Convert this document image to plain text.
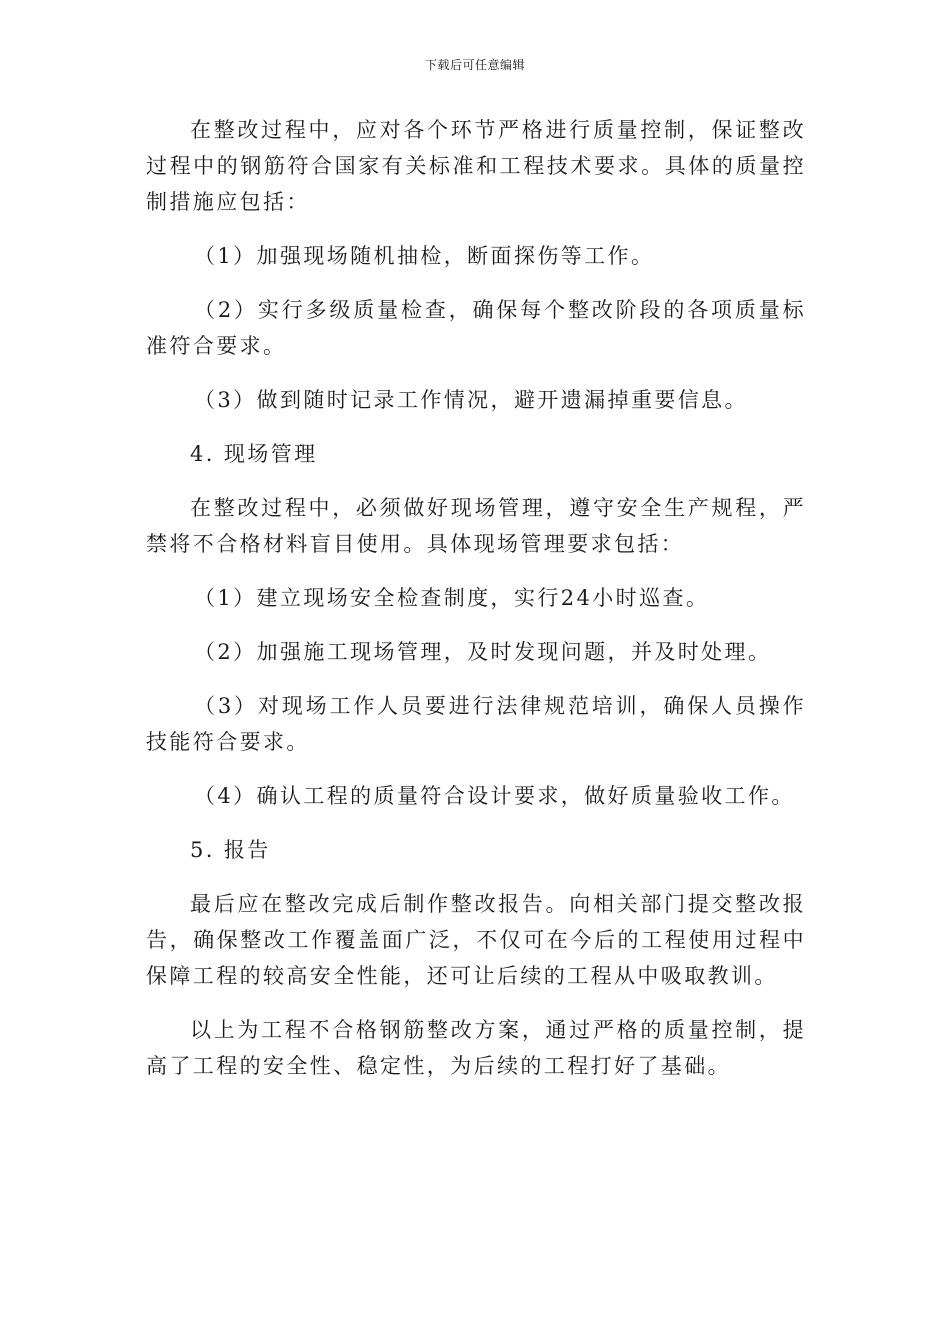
下载后可任意编辑

在整改过程中，应对各个环节严格进行质量控制，保证整改过程中的钢筋符合国家有关标准和工程技术要求。具体的质量控制措施应包括：

（1）加强现场随机抽检，断面探伤等工作。

（2）实行多级质量检查，确保每个整改阶段的各项质量标准符合要求。

（3）做到随时记录工作情况，避开遗漏掉重要信息。

4. 现场管理

在整改过程中，必须做好现场管理，遵守安全生产规程，严禁将不合格材料盲目使用。具体现场管理要求包括：

（1）建立现场安全检查制度，实行24小时巡查。

（2）加强施工现场管理，及时发现问题，并及时处理。

（3）对现场工作人员要进行法律规范培训，确保人员操作技能符合要求。

（4）确认工程的质量符合设计要求，做好质量验收工作。

5. 报告

最后应在整改完成后制作整改报告。向相关部门提交整改报告，确保整改工作覆盖面广泛，不仅可在今后的工程使用过程中保障工程的较高安全性能，还可让后续的工程从中吸取教训。

以上为工程不合格钢筋整改方案，通过严格的质量控制，提高了工程的安全性、稳定性，为后续的工程打好了基础。
